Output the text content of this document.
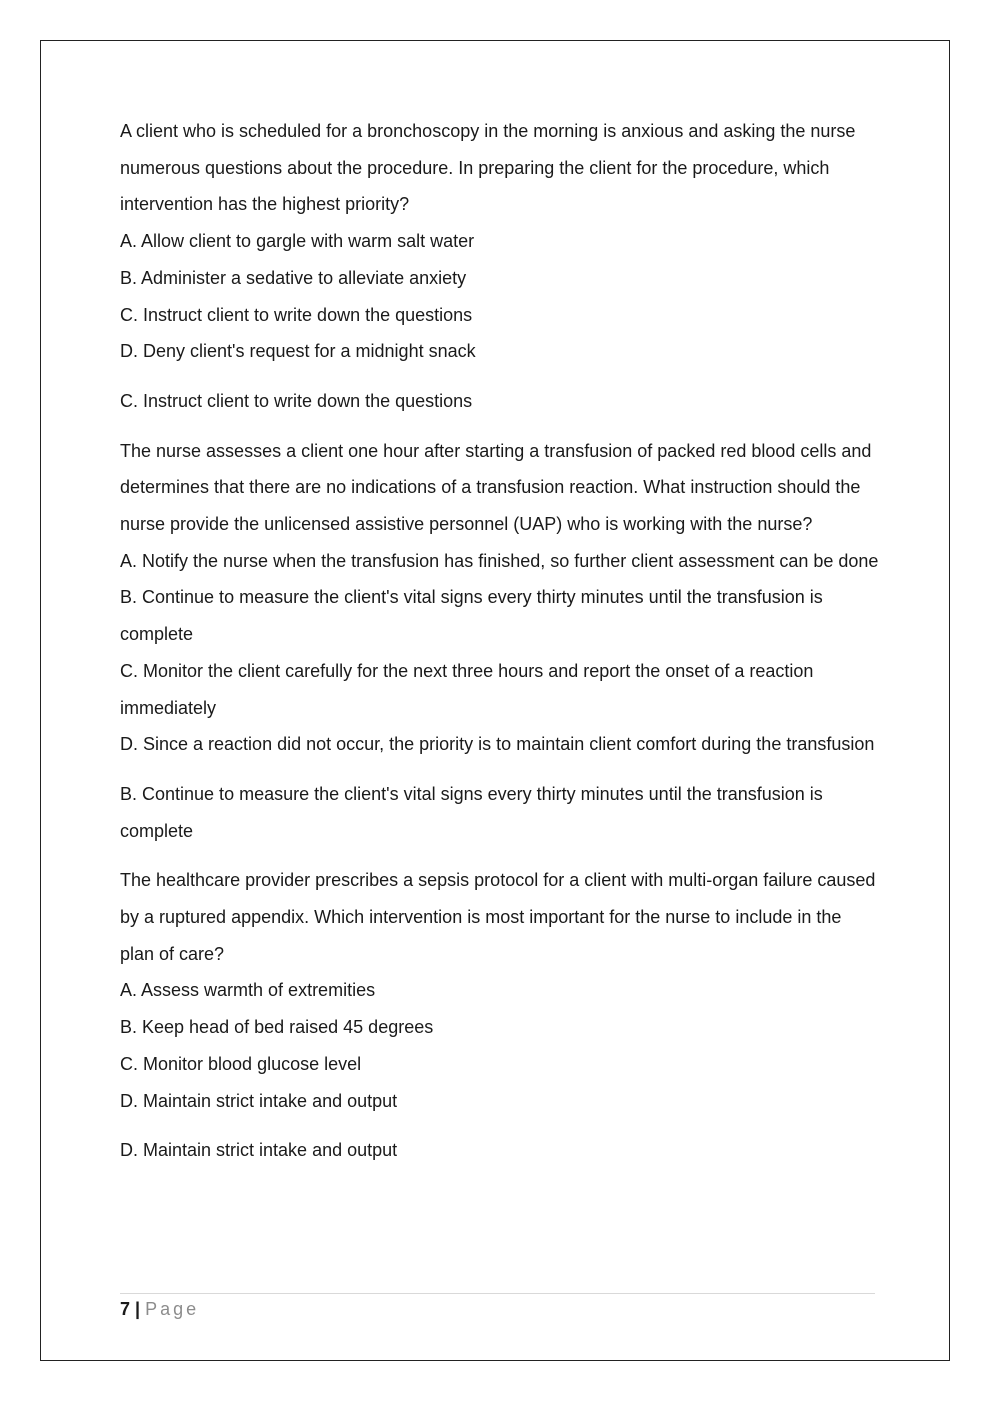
A client who is scheduled for a bronchoscopy in the morning is anxious and asking the nurse numerous questions about the procedure. In preparing the client for the procedure, which intervention has the highest priority?

A. Allow client to gargle with warm salt water

B. Administer a sedative to alleviate anxiety

C. Instruct client to write down the questions

D. Deny client's request for a midnight snack

C. Instruct client to write down the questions

The nurse assesses a client one hour after starting a transfusion of packed red blood cells and determines that there are no indications of a transfusion reaction. What instruction should the nurse provide the unlicensed assistive personnel (UAP) who is working with the nurse?

A. Notify the nurse when the transfusion has finished, so further client assessment can be done

B. Continue to measure the client's vital signs every thirty minutes until the transfusion is complete

C. Monitor the client carefully for the next three hours and report the onset of a reaction immediately

D. Since a reaction did not occur, the priority is to maintain client comfort during the transfusion

B. Continue to measure the client's vital signs every thirty minutes until the transfusion is complete

The healthcare provider prescribes a sepsis protocol for a client with multi-organ failure caused by a ruptured appendix. Which intervention is most important for the nurse to include in the plan of care?

A. Assess warmth of extremities

B. Keep head of bed raised 45 degrees

C. Monitor blood glucose level

D. Maintain strict intake and output

D. Maintain strict intake and output

7 | Page
